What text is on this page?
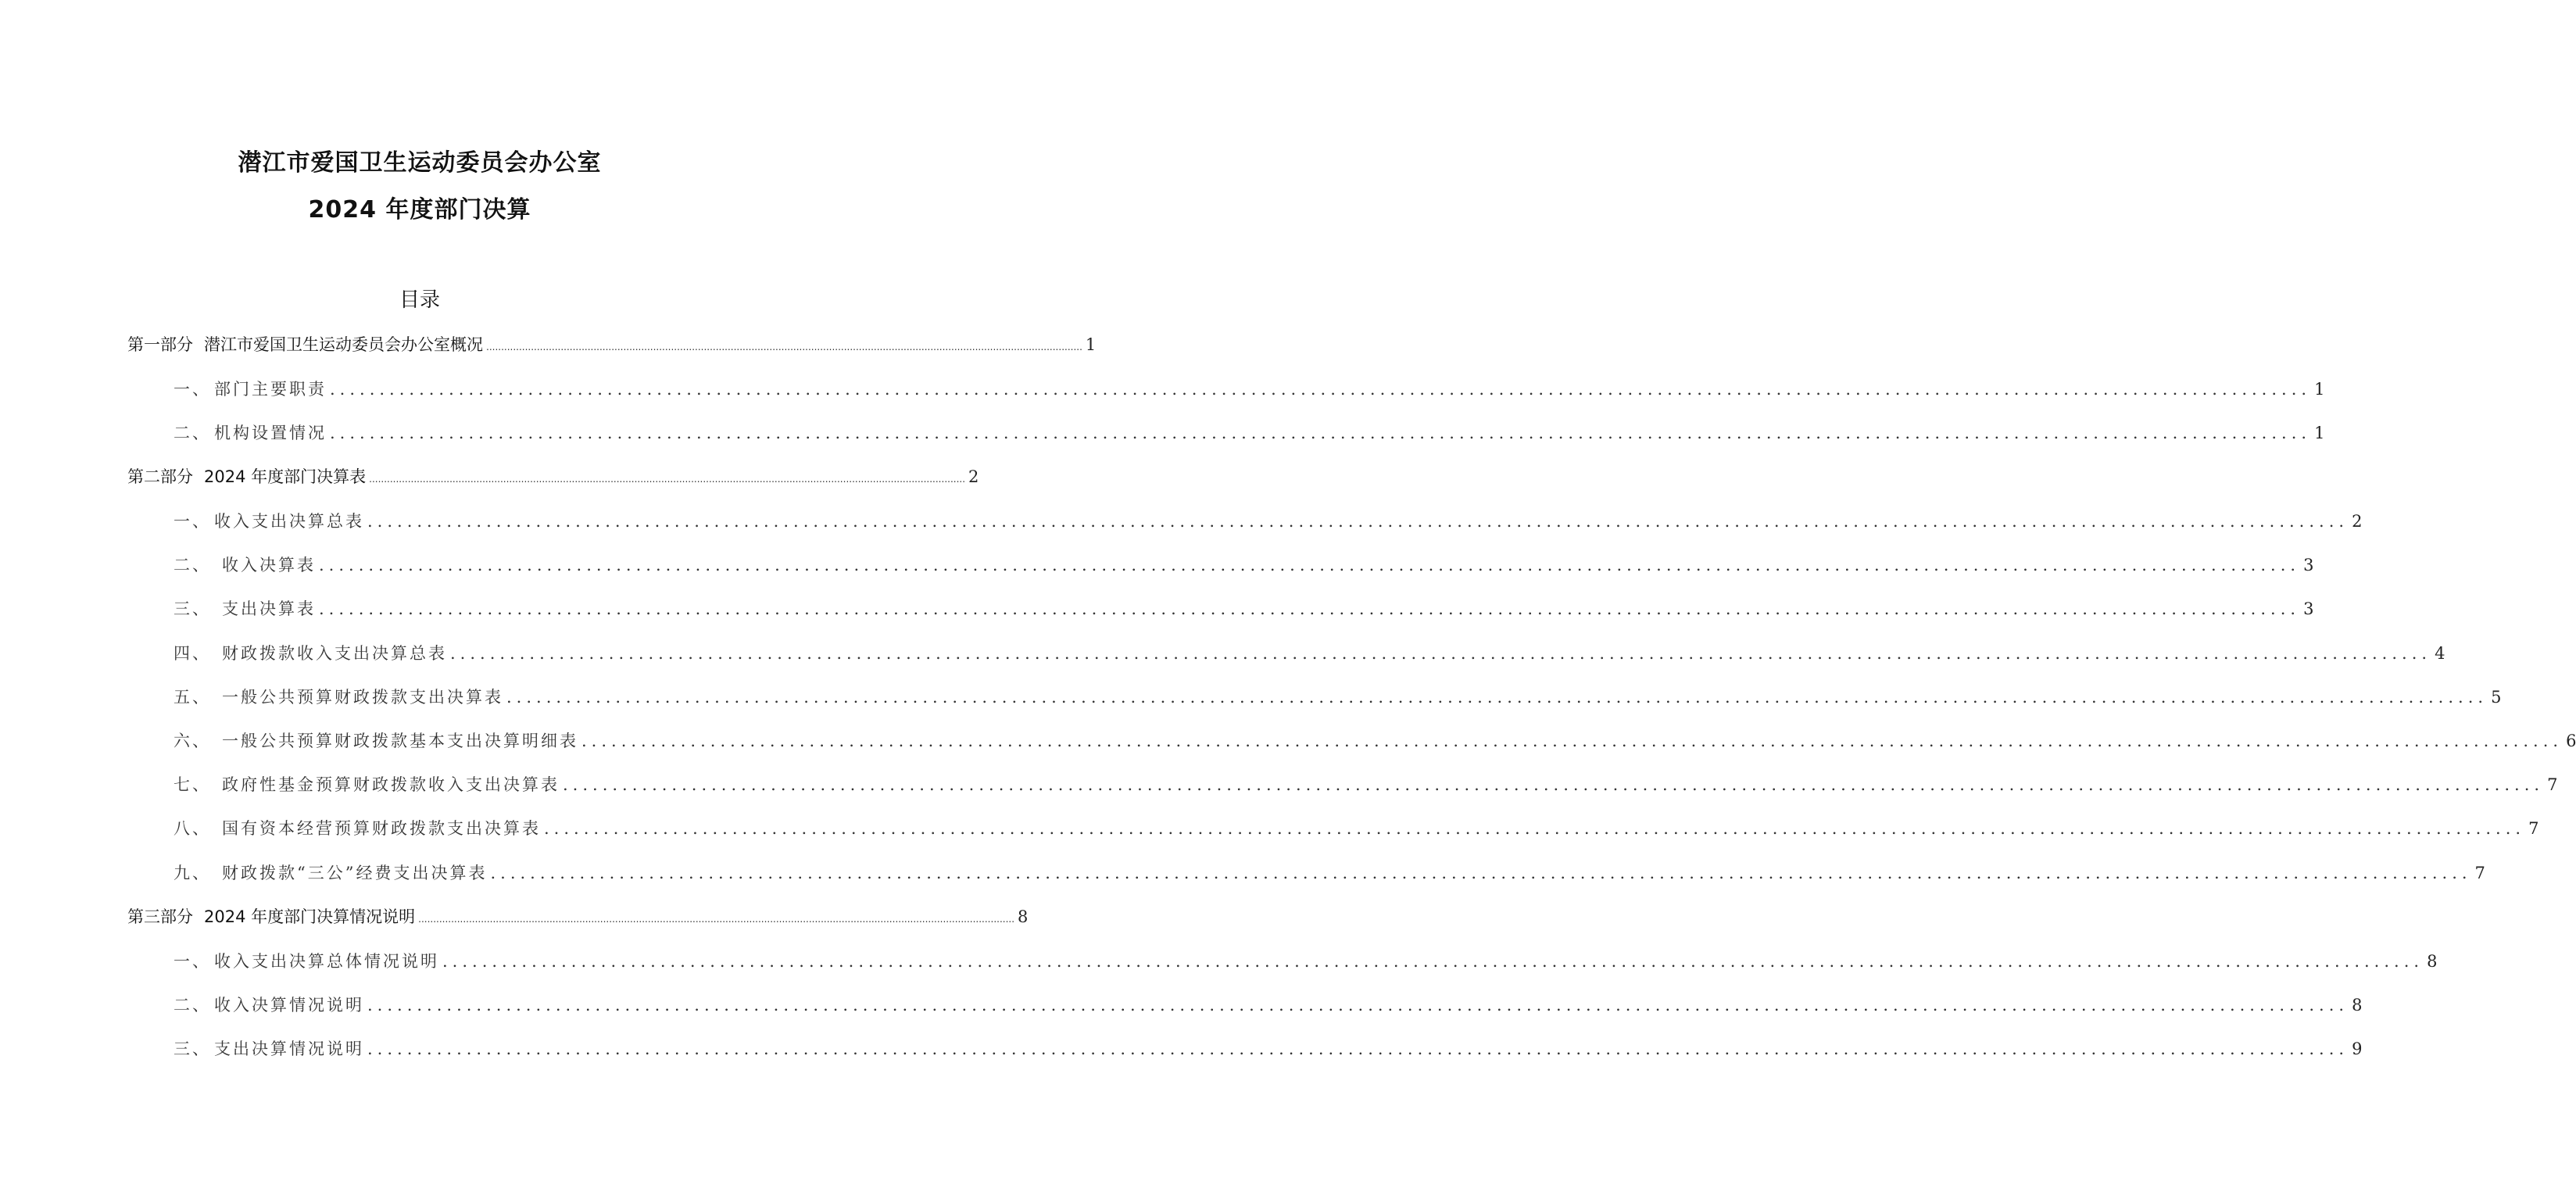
潜江市爱国卫生运动委员会办公室
2024 年度部门决算
目录
第一部分 潜江市爱国卫生运动委员会办公室概况 ........................................................................................................................................................................................................ 1
一、 部门主要职责 ........................................................................................................................................................................................................ 1
二、 机构设置情况 ........................................................................................................................................................................................................ 1
第二部分 2024 年度部门决算表 ........................................................................................................................................................................................................ 2
一、 收入支出决算总表 ........................................................................................................................................................................................................ 2
二、 收入决算表 ........................................................................................................................................................................................................ 3
三、 支出决算表 ........................................................................................................................................................................................................ 3
四、 财政拨款收入支出决算总表 ........................................................................................................................................................................................................ 4
五、 一般公共预算财政拨款支出决算表 ........................................................................................................................................................................................................ 5
六、 一般公共预算财政拨款基本支出决算明细表 ........................................................................................................................................................................................................ 6
七、 政府性基金预算财政拨款收入支出决算表 ........................................................................................................................................................................................................ 7
八、 国有资本经营预算财政拨款支出决算表 ........................................................................................................................................................................................................ 7
九、 财政拨款“三公”经费支出决算表 ........................................................................................................................................................................................................ 7
第三部分 2024 年度部门决算情况说明 ........................................................................................................................................................................................................ 8
一、 收入支出决算总体情况说明 ........................................................................................................................................................................................................ 8
二、 收入决算情况说明 ........................................................................................................................................................................................................ 8
三、 支出决算情况说明 ........................................................................................................................................................................................................ 9
